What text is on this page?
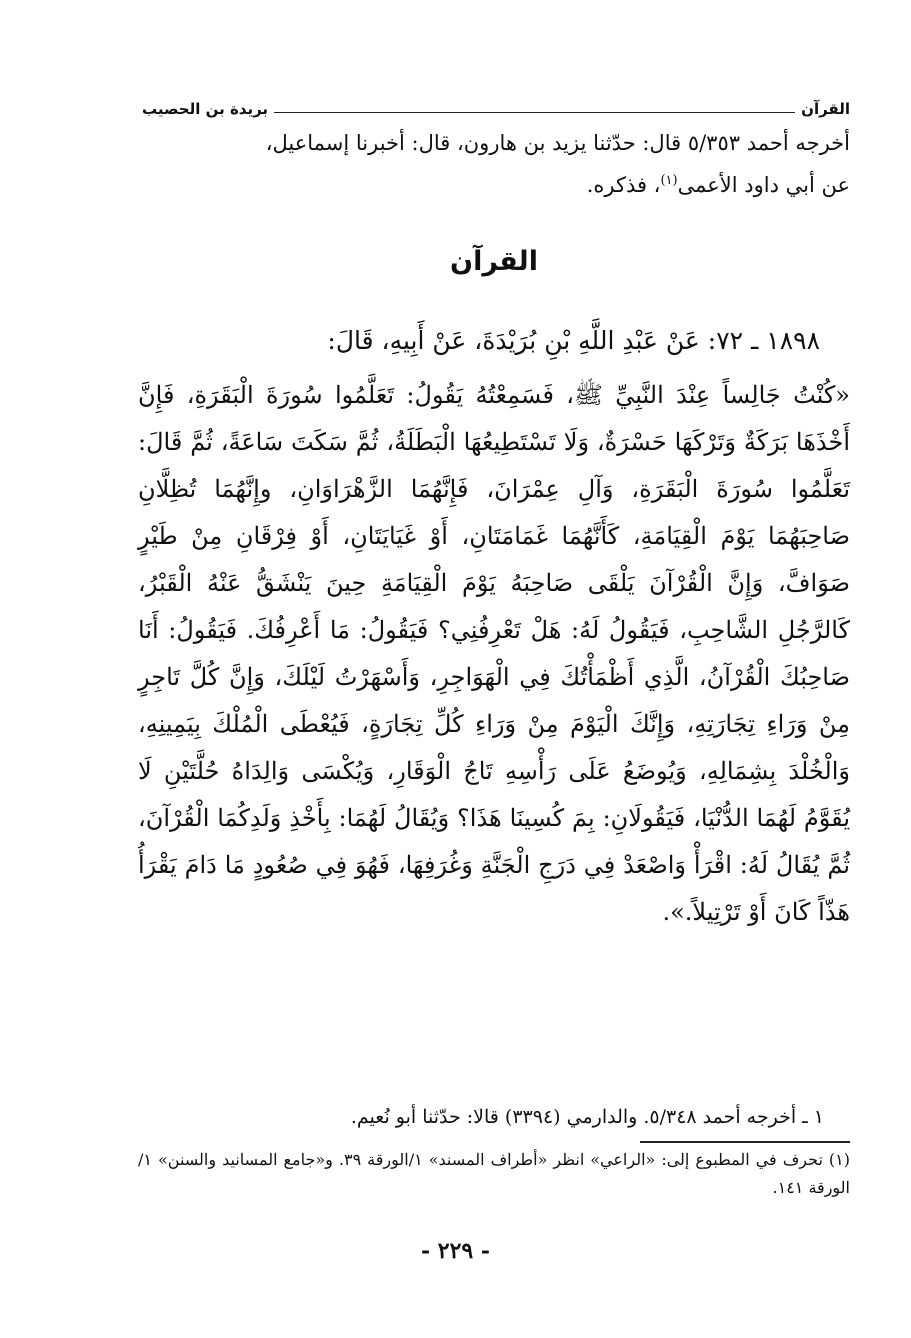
القرآن
بريدة بن الحصيب

أخرجه أحمد ٥/٣٥٣ قال: حدّثنا يزيد بن هارون، قال: أخبرنا إسماعيل،

عن أبي داود الأعمى$^{(١)}$، فذكره.

القرآن
١٨٩٨ ـ ٧٢: عَنْ عَبْدِ اللَّهِ بْنِ بُرَيْدَةَ، عَنْ أَبِيهِ، قَالَ:
«كُنْتُ جَالِساً عِنْدَ النَّبِيِّ ﷺ، فَسَمِعْتُهُ يَقُولُ: تَعَلَّمُوا سُورَةَ الْبَقَرَةِ، فَإِنَّ أَخْذَهَا بَرَكَةٌ وَتَرْكَهَا حَسْرَةٌ، وَلَا تَسْتَطِيعُهَا الْبَطَلَةُ، ثُمَّ سَكَتَ سَاعَةً، ثُمَّ قَالَ: تَعَلَّمُوا سُورَةَ الْبَقَرَةِ، وَآلِ عِمْرَانَ، فَإِنَّهُمَا الزَّهْرَاوَانِ، وإِنَّهُمَا تُظِلَّانِ صَاحِبَهُمَا يَوْمَ الْقِيَامَةِ، كَأَنَّهُمَا غَمَامَتَانِ، أَوْ غَيَايَتَانِ، أَوْ فِرْقَانِ مِنْ طَيْرٍ صَوَافَّ، وَإِنَّ الْقُرْآنَ يَلْقَى صَاحِبَهُ يَوْمَ الْقِيَامَةِ حِينَ يَنْشَقُّ عَنْهُ الْقَبْرُ، كَالرَّجُلِ الشَّاحِبِ، فَيَقُولُ لَهُ: هَلْ تَعْرِفُنِي؟ فَيَقُولُ: مَا أَعْرِفُكَ. فَيَقُولُ: أَنَا صَاحِبُكَ الْقُرْآنُ، الَّذِي أَظْمَأْتُكَ فِي الْهَوَاجِرِ، وَأَسْهَرْتُ لَيْلَكَ، وَإِنَّ كُلَّ تَاجِرٍ مِنْ وَرَاءِ تِجَارَتِهِ، وَإِنَّكَ الْيَوْمَ مِنْ وَرَاءِ كُلِّ تِجَارَةٍ، فَيُعْطَى الْمُلْكَ بِيَمِينِهِ، وَالْخُلْدَ بِشِمَالِهِ، وَيُوضَعُ عَلَى رَأْسِهِ تَاجُ الْوَقَارِ، وَيُكْسَى وَالِدَاهُ حُلَّتَيْنِ لَا يُقَوَّمُ لَهُمَا الدُّنْيَا، فَيَقُولَانِ: بِمَ كُسِينَا هَذَا؟ وَيُقَالُ لَهُمَا: بِأَخْذِ وَلَدِكُمَا الْقُرْآنَ، ثُمَّ يُقَالُ لَهُ: اقْرَأْ وَاصْعَدْ فِي دَرَجِ الْجَنَّةِ وَغُرَفِهَا، فَهُوَ فِي صُعُودٍ مَا دَامَ يَقْرَأُ هَذّاً كَانَ أَوْ تَرْتِيلاً.».
١ ـ أخرجه أحمد ٥/٣٤٨. والدارمي (٣٣٩٤) قالا: حدّثنا أبو نُعيم.
(١) تحرف في المطبوع إلى: «الراعي» انظر «أطراف المسند» ١/الورقة ٣٩. و«جامع المسانيد والسنن» ١/الورقة ١٤١.
- ٢٢٩ -
